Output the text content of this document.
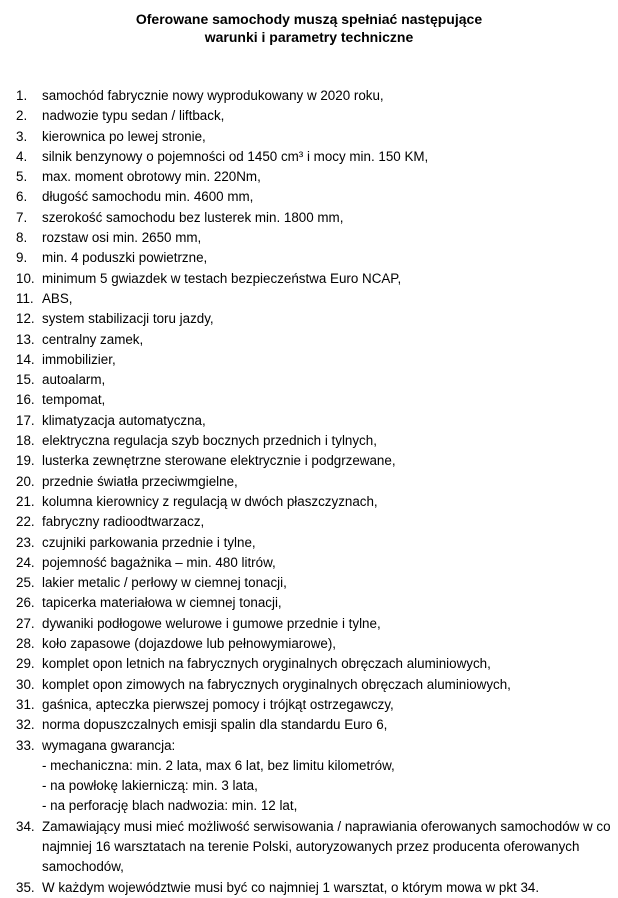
Oferowane samochody muszą spełniać następujące
warunki i parametry techniczne
1. samochód fabrycznie nowy wyprodukowany w 2020 roku,
2. nadwozie typu sedan / liftback,
3. kierownica po lewej stronie,
4. silnik benzynowy o pojemności od 1450 cm³ i mocy min. 150 KM,
5. max. moment obrotowy min. 220Nm,
6. długość samochodu min. 4600 mm,
7. szerokość samochodu bez lusterek min. 1800 mm,
8. rozstaw osi min. 2650 mm,
9. min. 4 poduszki powietrzne,
10. minimum 5 gwiazdek w testach bezpieczeństwa Euro NCAP,
11. ABS,
12. system stabilizacji toru jazdy,
13. centralny zamek,
14. immobilizier,
15. autoalarm,
16. tempomat,
17. klimatyzacja automatyczna,
18. elektryczna regulacja szyb bocznych przednich i tylnych,
19. lusterka zewnętrzne sterowane elektrycznie i podgrzewane,
20. przednie światła przeciwmgielne,
21. kolumna kierownicy z regulacją w dwóch płaszczyznach,
22. fabryczny radioodtwarzacz,
23. czujniki parkowania przednie i tylne,
24. pojemność bagażnika – min. 480 litrów,
25. lakier metalic / perłowy w ciemnej tonacji,
26. tapicerka materiałowa w ciemnej tonacji,
27. dywaniki podłogowe welurowe i gumowe przednie i tylne,
28. koło zapasowe (dojazdowe lub pełnowymiarowe),
29. komplet opon letnich na fabrycznych oryginalnych obręczach aluminiowych,
30. komplet opon zimowych na fabrycznych oryginalnych obręczach aluminiowych,
31. gaśnica, apteczka pierwszej pomocy i trójkąt ostrzegawczy,
32. norma dopuszczalnych emisji spalin dla standardu Euro 6,
33. wymagana gwarancja:
- mechaniczna: min. 2 lata, max 6 lat, bez limitu kilometrów,
- na powłokę lakierniczą: min. 3 lata,
- na perforację blach nadwozia: min. 12 lat,
34. Zamawiający musi mieć możliwość serwisowania / naprawiania oferowanych samochodów w co najmniej 16 warsztatach na terenie Polski, autoryzowanych przez producenta oferowanych samochodów,
35. W każdym województwie musi być co najmniej 1 warsztat, o którym mowa w pkt 34.
